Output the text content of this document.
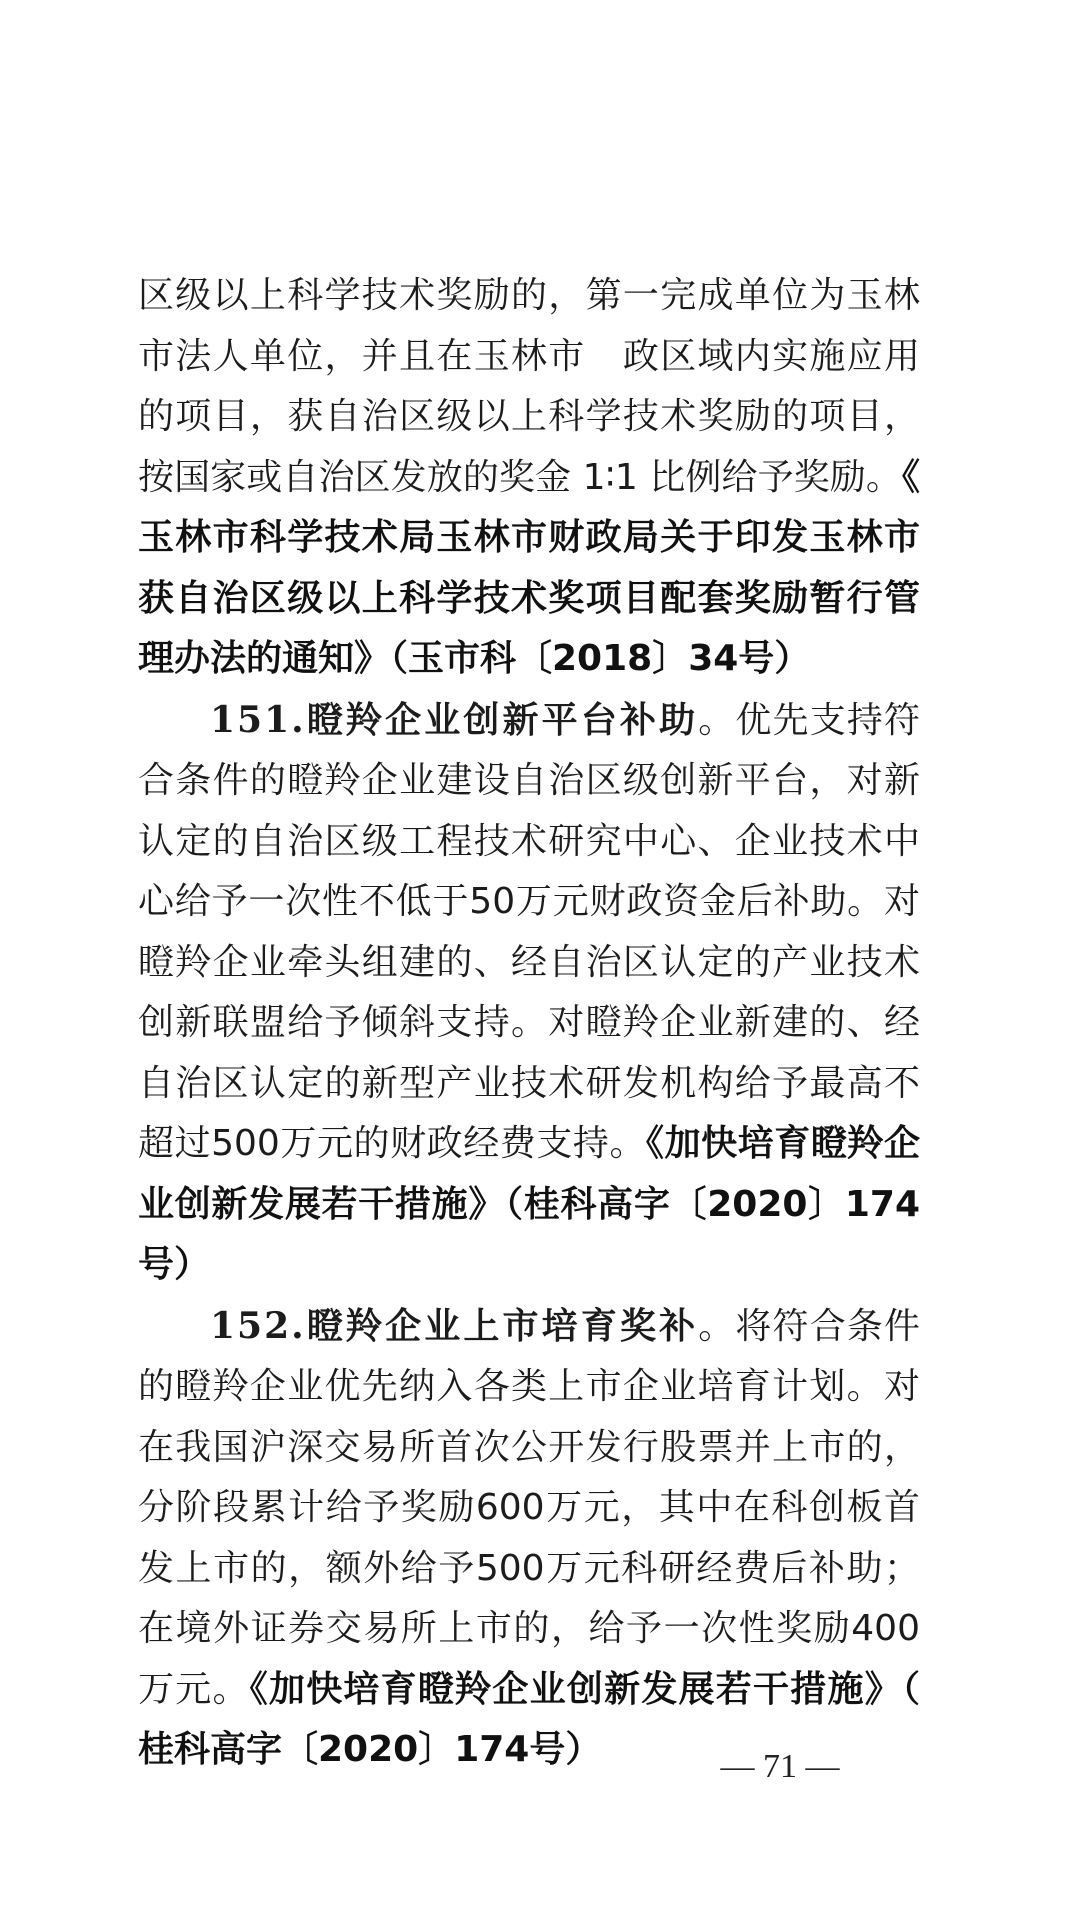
区级以上科学技术奖励的，第一完成单位为玉林市法人单位，并且在玉林市　政区域内实施应用的项目，获自治区级以上科学技术奖励的项目，按国家或自治区发放的奖金 1∶1 比例给予奖励。《玉林市科学技术局玉林市财政局关于印发玉林市获自治区级以上科学技术奖项目配套奖励暂行管理办法的通知》（玉市科〔2018〕34号）

151.瞪羚企业创新平台补助。优先支持符合条件的瞪羚企业建设自治区级创新平台，对新认定的自治区级工程技术研究中心、企业技术中心给予一次性不低于50万元财政资金后补助。对瞪羚企业牵头组建的、经自治区认定的产业技术创新联盟给予倾斜支持。对瞪羚企业新建的、经自治区认定的新型产业技术研发机构给予最高不超过500万元的财政经费支持。《加快培育瞪羚企业创新发展若干措施》（桂科高字〔2020〕174号）

152.瞪羚企业上市培育奖补。将符合条件的瞪羚企业优先纳入各类上市企业培育计划。对在我国沪深交易所首次公开发行股票并上市的，分阶段累计给予奖励600万元，其中在科创板首发上市的，额外给予500万元科研经费后补助；在境外证券交易所上市的，给予一次性奖励400万元。《加快培育瞪羚企业创新发展若干措施》（桂科高字〔2020〕174号）	— 71 —
